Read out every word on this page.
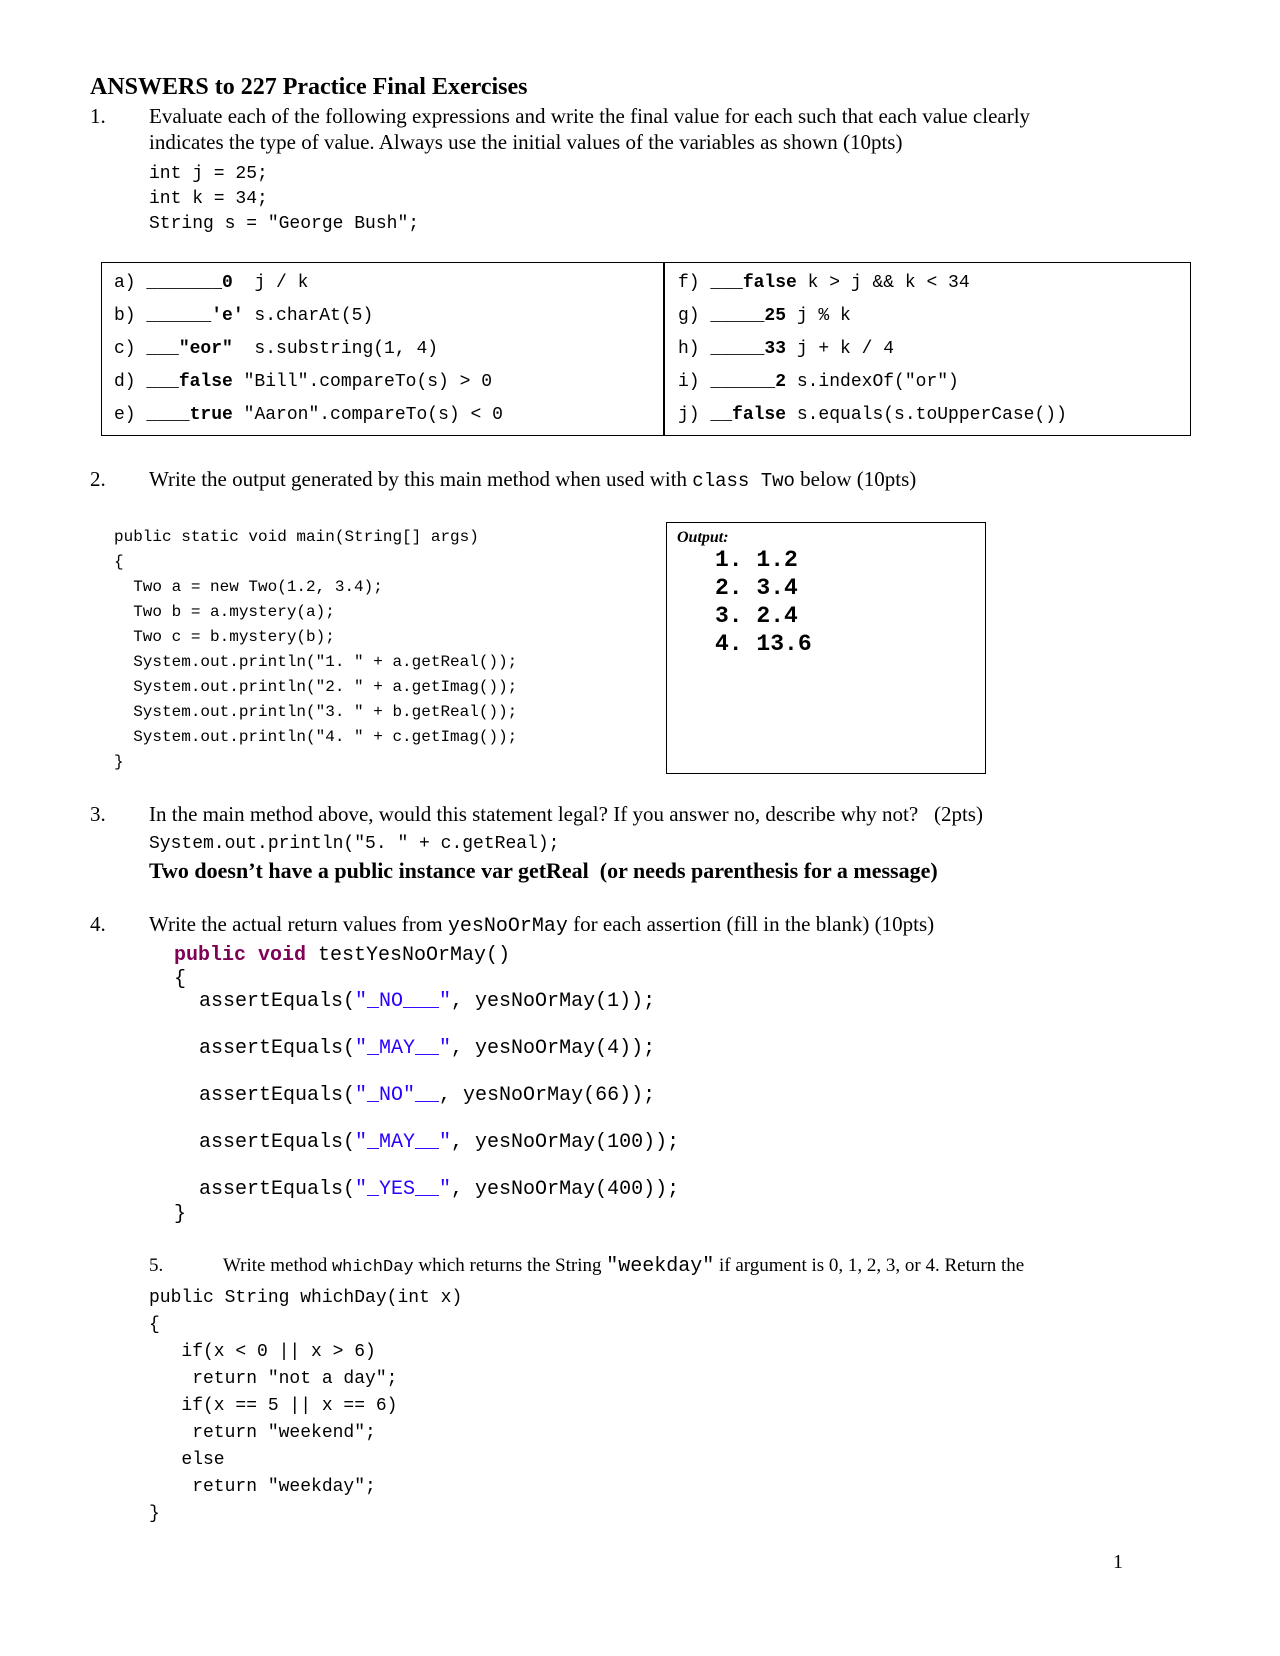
ANSWERS to 227 Practice Final Exercises
1. Evaluate each of the following expressions and write the final value for each such that each value clearly
indicates the type of value. Always use the initial values of the variables as shown (10pts)
int j = 25;
int k = 34;
String s = "George Bush";
a) _______0  j / k
b) ______'e' s.charAt(5)
c) ___"eor"  s.substring(1, 4)
d) ___false "Bill".compareTo(s) > 0
e) ____true "Aaron".compareTo(s) < 0
f) ___false k > j && k < 34
g) _____25 j % k
h) _____33 j + k / 4
i) ______2 s.indexOf("or")
j) __false s.equals(s.toUpperCase())
2. Write the output generated by this main method when used with class Two below (10pts)
public static void main(String[] args)
{
Two a = new Two(1.2, 3.4);
Two b = a.mystery(a);
Two c = b.mystery(b);
System.out.println("1. " + a.getReal());
System.out.println("2. " + a.getImag());
System.out.println("3. " + b.getReal());
System.out.println("4. " + c.getImag());
}
Output:
1. 1.2
2. 3.4
3. 2.4
4. 13.6
3. In the main method above, would this statement legal? If you answer no, describe why not?   (2pts)
System.out.println("5. " + c.getReal);
Two doesn’t have a public instance var getReal  (or needs parenthesis for a message)
4. Write the actual return values from yesNoOrMay for each assertion (fill in the blank) (10pts)
public void testYesNoOrMay()
{
assertEquals("_NO___", yesNoOrMay(1));
assertEquals("_MAY__", yesNoOrMay(4));
assertEquals("_NO"__, yesNoOrMay(66));
assertEquals("_MAY__", yesNoOrMay(100));
assertEquals("_YES__", yesNoOrMay(400));
}
5.	Write method whichDay which returns the String "weekday" if argument is 0, 1, 2, 3, or 4. Return the
public String whichDay(int x)
{
if(x < 0 || x > 6)
return "not a day";
if(x == 5 || x == 6)
return "weekend";
else
return "weekday";
}
1
